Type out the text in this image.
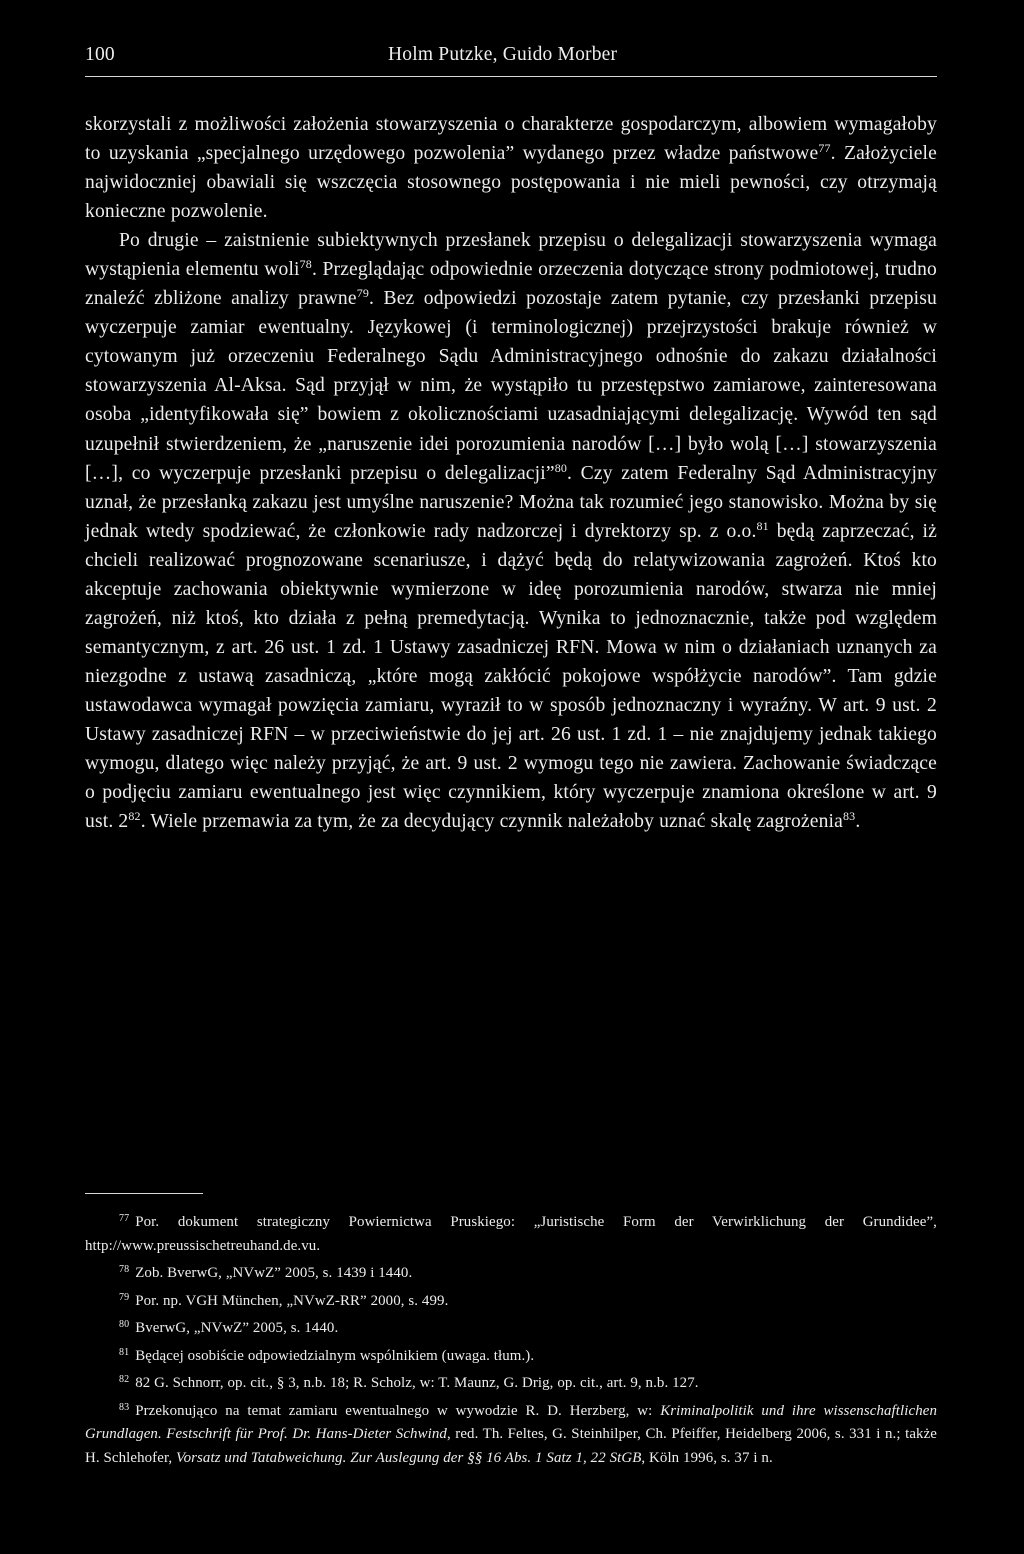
100	Holm Putzke, Guido Morber

skorzystali z możliwości założenia stowarzyszenia o charakterze gospodarczym, albowiem wymagałoby to uzyskania „specjalnego urzędowego pozwolenia” wydanego przez władze państwowe$^{77}$. Założyciele najwidoczniej obawiali się wszczęcia stosownego postępowania i nie mieli pewności, czy otrzymają konieczne pozwolenie.

Po drugie – zaistnienie subiektywnych przesłanek przepisu o delegalizacji stowarzyszenia wymaga wystąpienia elementu woli$^{78}$. Przeglądając odpowiednie orzeczenia dotyczące strony podmiotowej, trudno znaleźć zbliżone analizy prawne$^{79}$. Bez odpowiedzi pozostaje zatem pytanie, czy przesłanki przepisu wyczerpuje zamiar ewentualny. Językowej (i terminologicznej) przejrzystości brakuje również w cytowanym już orzeczeniu Federalnego Sądu Administracyjnego odnośnie do zakazu działalności stowarzyszenia Al-Aksa. Sąd przyjął w nim, że wystąpiło tu przestępstwo zamiarowe, zainteresowana osoba „identyfikowała się” bowiem z okolicznościami uzasadniającymi delegalizację. Wywód ten sąd uzupełnił stwierdzeniem, że „naruszenie idei porozumienia narodów […] było wolą […] stowarzyszenia […], co wyczerpuje przesłanki przepisu o delegalizacji”$^{80}$. Czy zatem Federalny Sąd Administracyjny uznał, że przesłanką zakazu jest umyślne naruszenie? Można tak rozumieć jego stanowisko. Można by się jednak wtedy spodziewać, że członkowie rady nadzorczej i dyrektorzy sp. z o.o.$^{81}$ będą zaprzeczać, iż chcieli realizować prognozowane scenariusze, i dążyć będą do relatywizowania zagrożeń. Ktoś kto akceptuje zachowania obiektywnie wymierzone w ideę porozumienia narodów, stwarza nie mniej zagrożeń, niż ktoś, kto działa z pełną premedytacją. Wynika to jednoznacznie, także pod względem semantycznym, z art. 26 ust. 1 zd. 1 Ustawy zasadniczej RFN. Mowa w nim o działaniach uznanych za niezgodne z ustawą zasadniczą, „które mogą zakłócić pokojowe współżycie narodów”. Tam gdzie ustawodawca wymagał powzięcia zamiaru, wyraził to w sposób jednoznaczny i wyraźny. W art. 9 ust. 2 Ustawy zasadniczej RFN – w przeciwieństwie do jej art. 26 ust. 1 zd. 1 – nie znajdujemy jednak takiego wymogu, dlatego więc należy przyjąć, że art. 9 ust. 2 wymogu tego nie zawiera. Zachowanie świadczące o podjęciu zamiaru ewentualnego jest więc czynnikiem, który wyczerpuje znamiona określone w art. 9 ust. $2^{82}$. Wiele przemawia za tym, że za decydujący czynnik należałoby uznać skalę zagrożenia$^{83}$.

$^{77}$ Por. dokument strategiczny Powiernictwa Pruskiego: „Juristische Form der Verwirklichung der Grundidee”, http://www.preussischetreuhand.de.vu.

$^{78}$ Zob. BverwG, „NVwZ” 2005, s. 1439 i 1440.

$^{79}$ Por. np. VGH München, „NVwZ-RR” 2000, s. 499.

$^{80}$ BverwG, „NVwZ” 2005, s. 1440.

$^{81}$ Będącej osobiście odpowiedzialnym wspólnikiem (uwaga. tłum.).

$^{82}$ 82 G. Schnorr, op. cit., § 3, n.b. 18; R. Scholz, w: T. Maunz, G. Drig, op. cit., art. 9, n.b. 127.

$^{83}$ Przekonująco na temat zamiaru ewentualnego w wywodzie R. D. Herzberg, w: Kriminalpolitik und ihre wissenschaftlichen Grundlagen. Festschrift für Prof. Dr. Hans-Dieter Schwind, red. Th. Feltes, G. Steinhilper, Ch. Pfeiffer, Heidelberg 2006, s. 331 i n.; także H. Schlehofer, Vorsatz und Tatabweichung. Zur Auslegung der §§ 16 Abs. 1 Satz 1, 22 StGB, Köln 1996, s. 37 i n.
